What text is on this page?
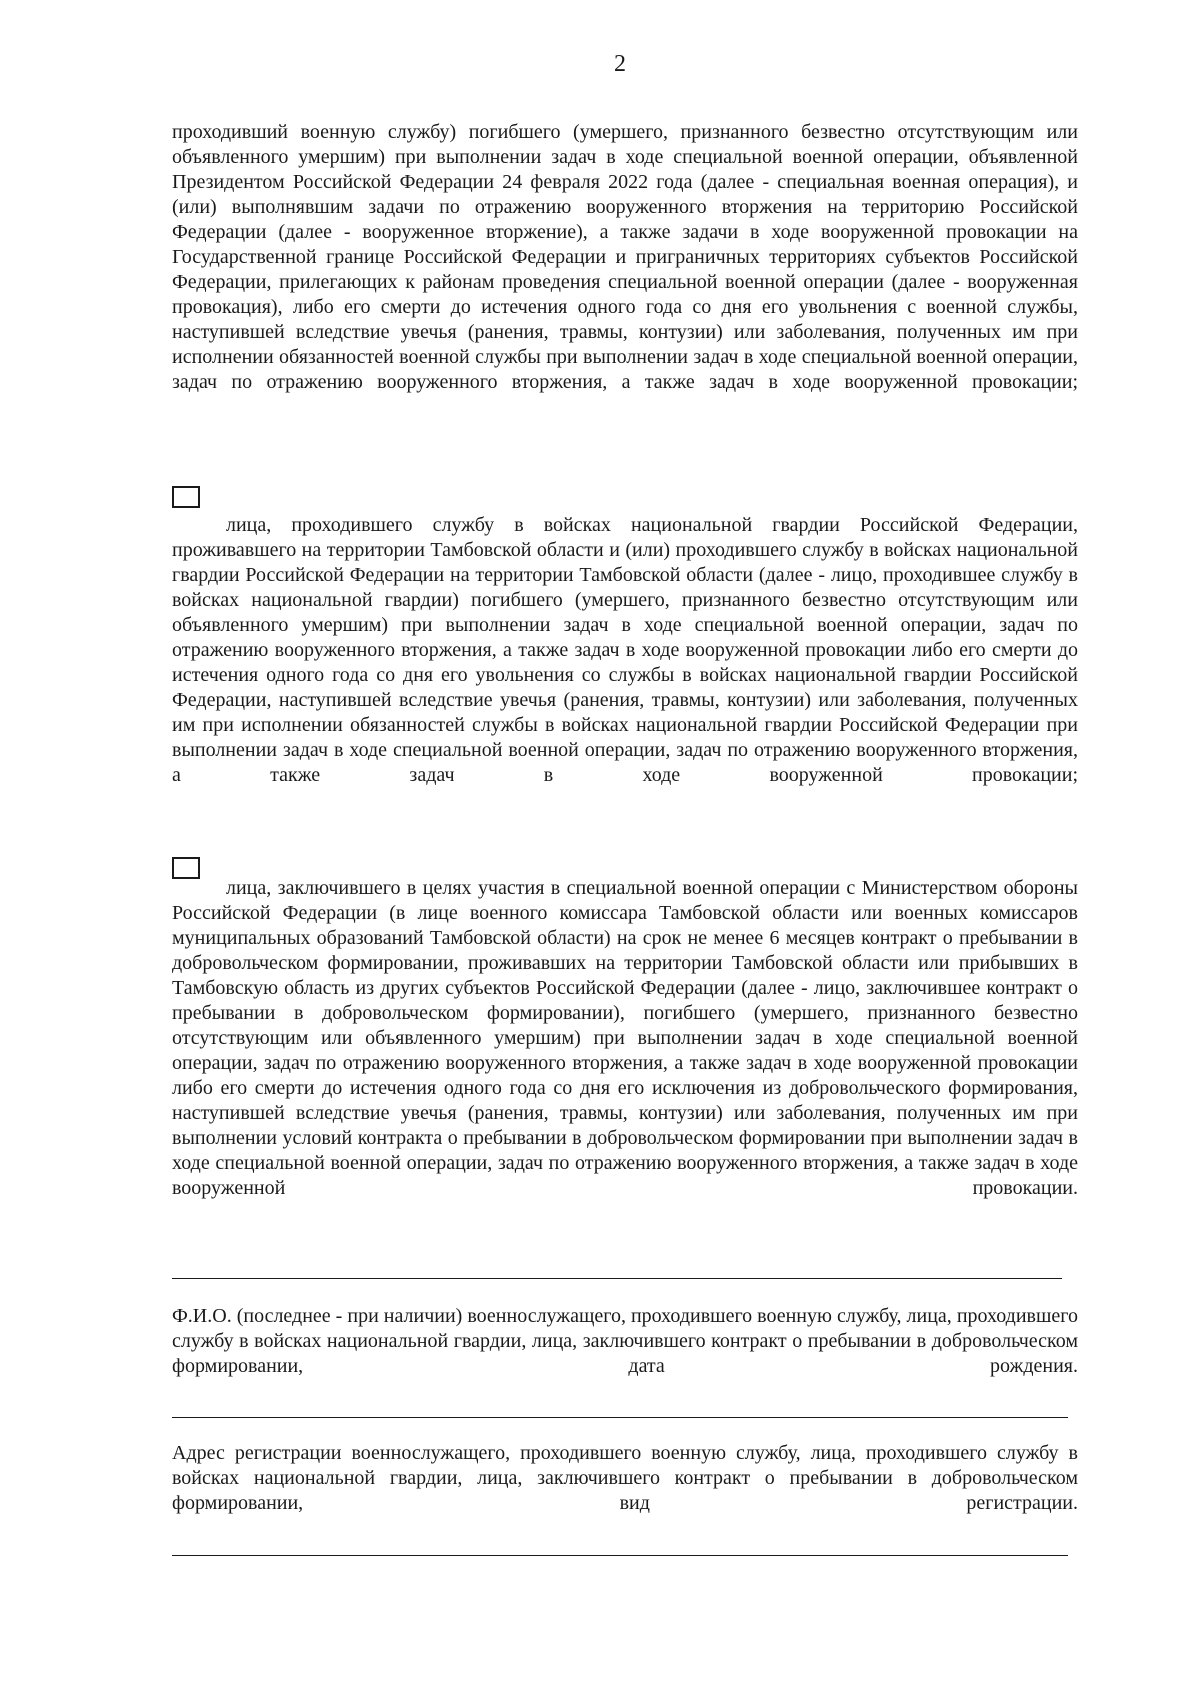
2

проходивший военную службу) погибшего (умершего, признанного безвестно отсутствующим или объявленного умершим) при выполнении задач в ходе специальной военной операции, объявленной Президентом Российской Федерации 24 февраля 2022 года (далее - специальная военная операция), и (или) выполнявшим задачи по отражению вооруженного вторжения на территорию Российской Федерации (далее - вооруженное вторжение), а также задачи в ходе вооруженной провокации на Государственной границе Российской Федерации и приграничных территориях субъектов Российской Федерации, прилегающих к районам проведения специальной военной операции (далее - вооруженная провокация), либо его смерти до истечения одного года со дня его увольнения с военной службы, наступившей вследствие увечья (ранения, травмы, контузии) или заболевания, полученных им при исполнении обязанностей военной службы при выполнении задач в ходе специальной военной операции, задач по отражению вооруженного вторжения, а также задач в ходе вооруженной провокации;

лица, проходившего службу в войсках национальной гвардии Российской Федерации, проживавшего на территории Тамбовской области и (или) проходившего службу в войсках национальной гвардии Российской Федерации на территории Тамбовской области (далее - лицо, проходившее службу в войсках национальной гвардии) погибшего (умершего, признанного безвестно отсутствующим или объявленного умершим) при выполнении задач в ходе специальной военной операции, задач по отражению вооруженного вторжения, а также задач в ходе вооруженной провокации либо его смерти до истечения одного года со дня его увольнения со службы в войсках национальной гвардии Российской Федерации, наступившей вследствие увечья (ранения, травмы, контузии) или заболевания, полученных им при исполнении обязанностей службы в войсках национальной гвардии Российской Федерации при выполнении задач в ходе специальной военной операции, задач по отражению вооруженного вторжения, а также задач в ходе вооруженной провокации;

лица, заключившего в целях участия в специальной военной операции с Министерством обороны Российской Федерации (в лице военного комиссара Тамбовской области или военных комиссаров муниципальных образований Тамбовской области) на срок не менее 6 месяцев контракт о пребывании в добровольческом формировании, проживавших на территории Тамбовской области или прибывших в Тамбовскую область из других субъектов Российской Федерации (далее - лицо, заключившее контракт о пребывании в добровольческом формировании), погибшего (умершего, признанного безвестно отсутствующим или объявленного умершим) при выполнении задач в ходе специальной военной операции, задач по отражению вооруженного вторжения, а также задач в ходе вооруженной провокации либо его смерти до истечения одного года со дня его исключения из добровольческого формирования, наступившей вследствие увечья (ранения, травмы, контузии) или заболевания, полученных им при выполнении условий контракта о пребывании в добровольческом формировании при выполнении задач в ходе специальной военной операции, задач по отражению вооруженного вторжения, а также задач в ходе вооруженной провокации.

Ф.И.О. (последнее - при наличии) военнослужащего, проходившего военную службу, лица, проходившего службу в войсках национальной гвардии, лица, заключившего контракт о пребывании в добровольческом формировании, дата рождения.

Адрес регистрации военнослужащего, проходившего военную службу, лица, проходившего службу в войсках национальной гвардии, лица, заключившего контракт о пребывании в добровольческом формировании, вид регистрации.
